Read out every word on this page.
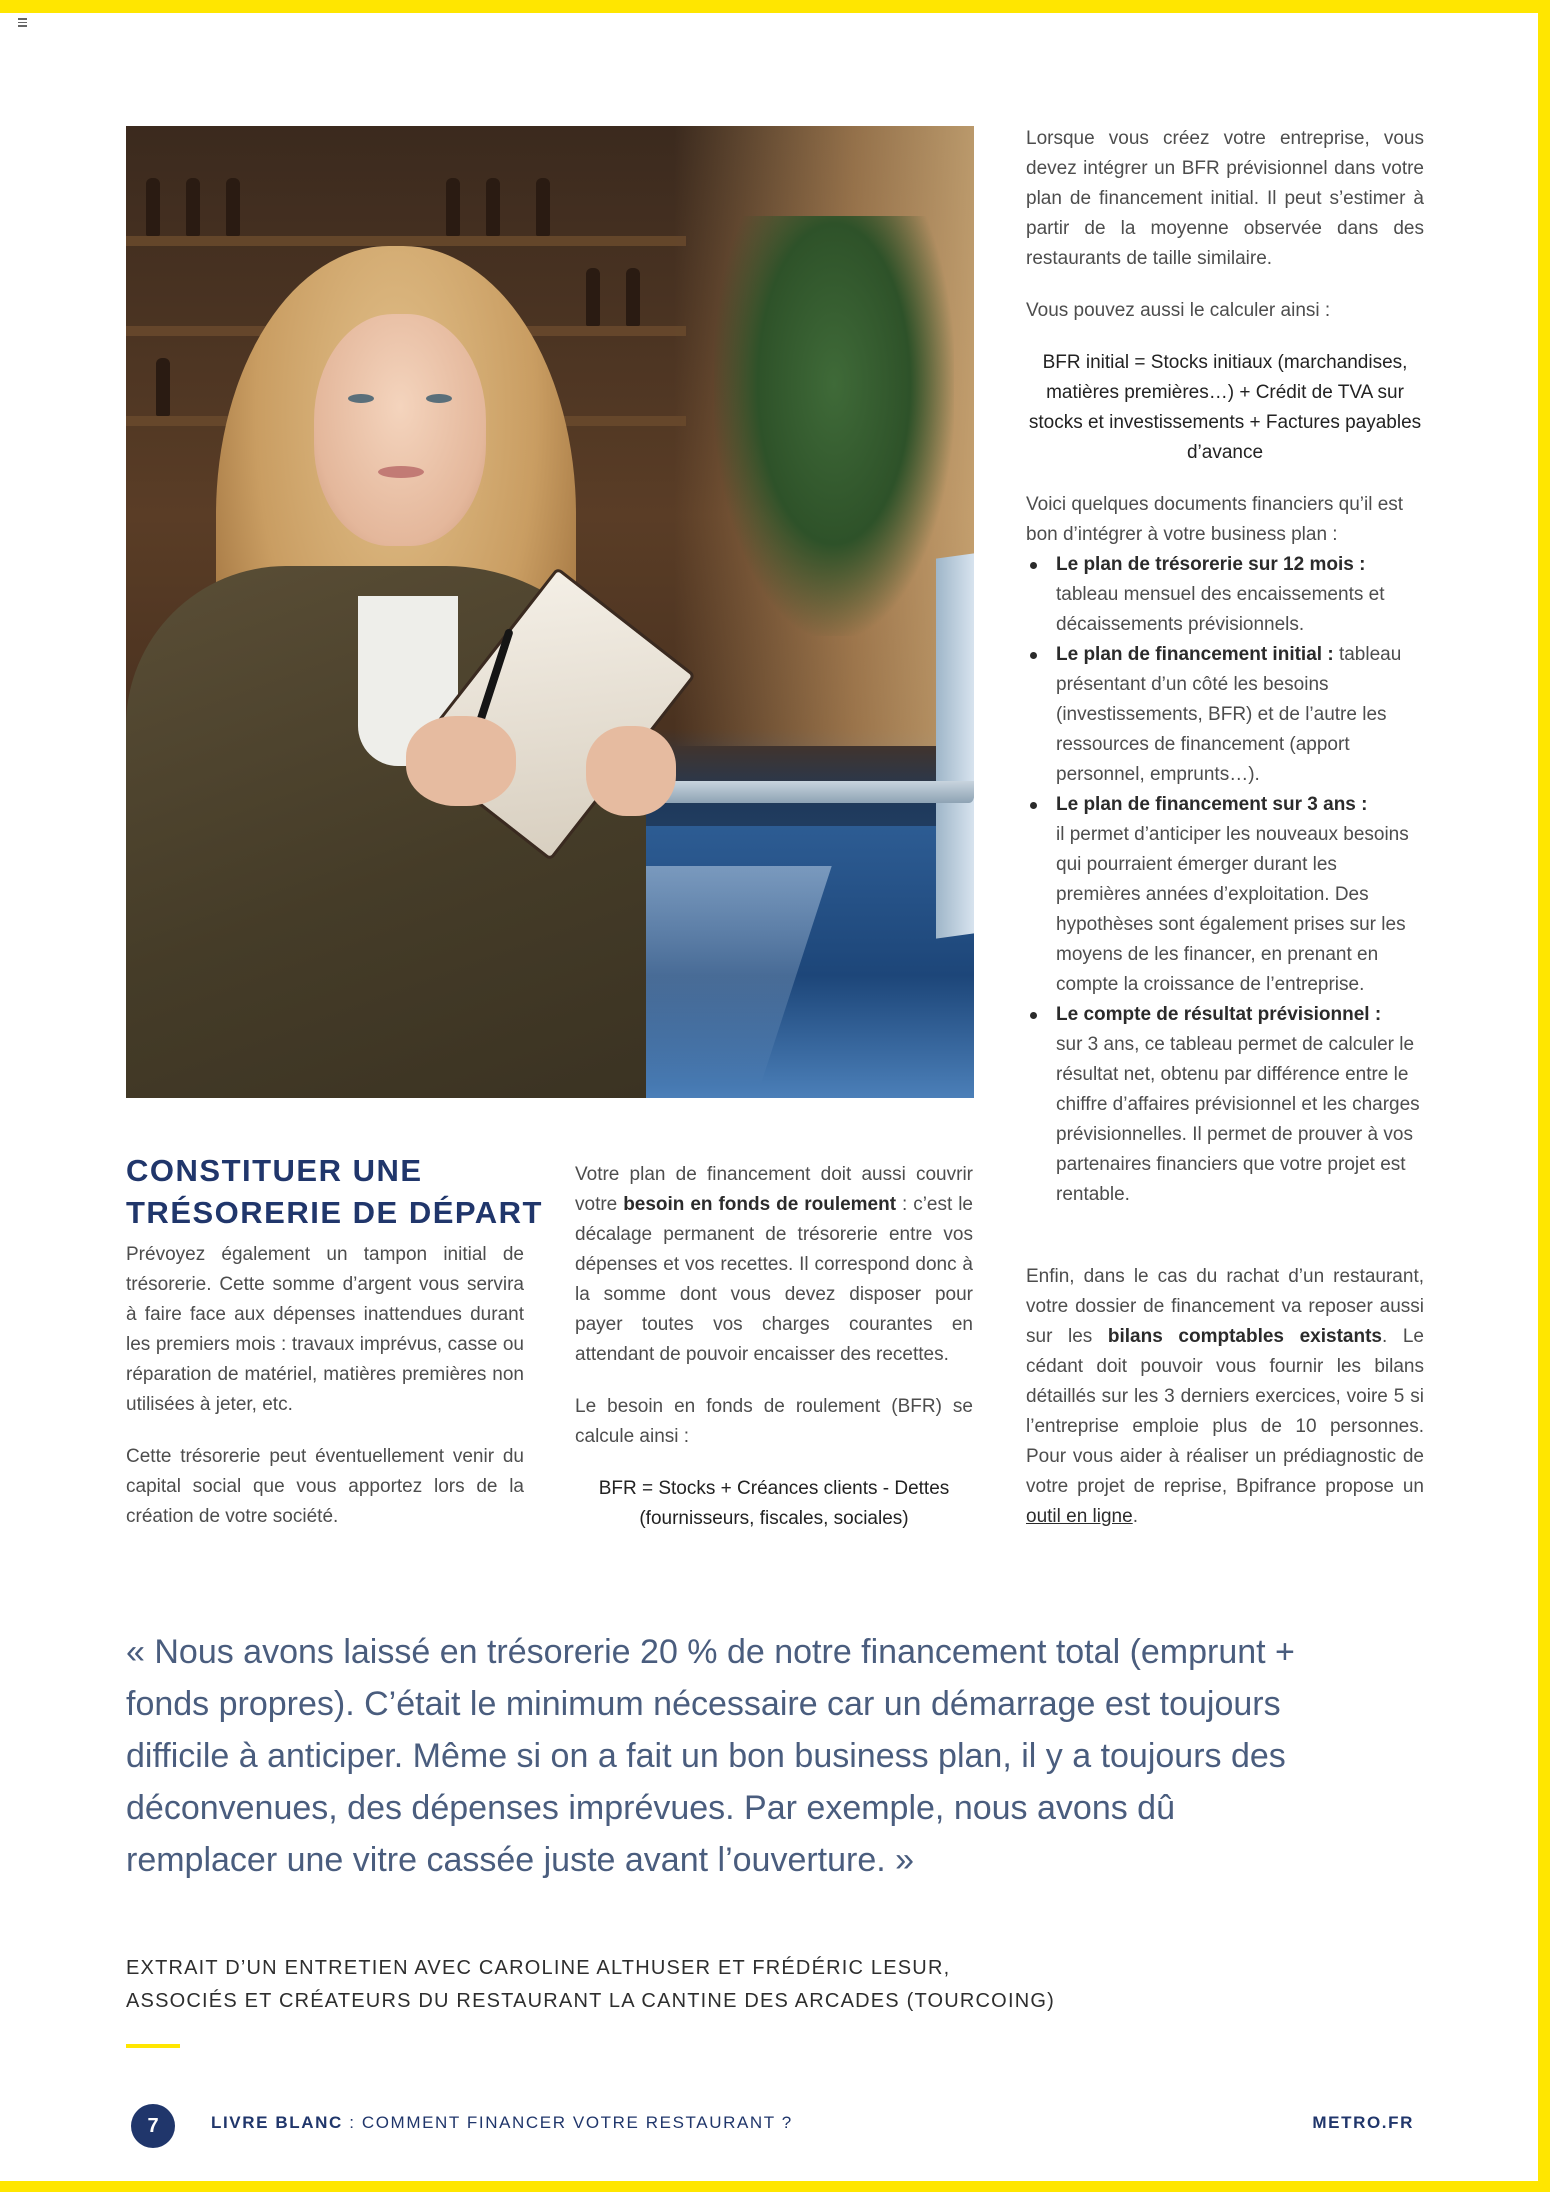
Lorsque vous créez votre entreprise, vous devez intégrer un BFR prévisionnel dans votre plan de financement initial. Il peut s’estimer à partir de la moyenne observée dans des restaurants de taille similaire.

Vous pouvez aussi le calculer ainsi :

BFR initial = Stocks initiaux (marchandises, matières premières…) + Crédit de TVA sur stocks et investissements + Factures payables d’avance

Voici quelques documents financiers qu’il est bon d’intégrer à votre business plan :

Le plan de trésorerie sur 12 mois :
tableau mensuel des encaissements et décaissements prévisionnels.
Le plan de financement initial : tableau présentant d’un côté les besoins (investissements, BFR) et de l’autre les ressources de financement (apport personnel, emprunts…).
Le plan de financement sur 3 ans :
il permet d’anticiper les nouveaux besoins qui pourraient émerger durant les premières années d’exploitation. Des hypothèses sont également prises sur les moyens de les financer, en prenant en compte la croissance de l’entreprise.
Le compte de résultat prévisionnel :
sur 3 ans, ce tableau permet de calculer le résultat net, obtenu par différence entre le chiffre d’affaires prévisionnel et les charges prévisionnelles. Il permet de prouver à vos partenaires financiers que votre projet est rentable.
CONSTITUER UNE TRÉSORERIE DE DÉPART

Prévoyez également un tampon initial de trésorerie. Cette somme d’argent vous servira à faire face aux dépenses inattendues durant les premiers mois : travaux imprévus, casse ou réparation de matériel, matières premières non utilisées à jeter, etc.

Cette trésorerie peut éventuellement venir du capital social que vous apportez lors de la création de votre société.

Votre plan de financement doit aussi couvrir votre besoin en fonds de roulement : c’est le décalage permanent de trésorerie entre vos dépenses et vos recettes. Il correspond donc à la somme dont vous devez disposer pour payer toutes vos charges courantes en attendant de pouvoir encaisser des recettes.

Le besoin en fonds de roulement (BFR) se calcule ainsi :

BFR = Stocks + Créances clients - Dettes (fournisseurs, fiscales, sociales)

Enfin, dans le cas du rachat d’un restaurant, votre dossier de financement va reposer aussi sur les bilans comptables existants. Le cédant doit pouvoir vous fournir les bilans détaillés sur les 3 derniers exercices, voire 5 si l’entreprise emploie plus de 10 personnes. Pour vous aider à réaliser un prédiagnostic de votre projet de reprise, Bpifrance propose un outil en ligne.

« Nous avons laissé en trésorerie 20 % de notre financement total (emprunt + fonds propres). C’était le minimum nécessaire car un démarrage est toujours difficile à anticiper. Même si on a fait un bon business plan, il y a toujours des déconvenues, des dépenses imprévues. Par exemple, nous avons dû remplacer une vitre cassée juste avant l’ouverture. »

EXTRAIT D’UN ENTRETIEN AVEC CAROLINE ALTHUSER ET FRÉDÉRIC LESUR,
ASSOCIÉS ET CRÉATEURS DU RESTAURANT LA CANTINE DES ARCADES (TOURCOING)

7	LIVRE BLANC : COMMENT FINANCER VOTRE RESTAURANT ?	METRO.FR
